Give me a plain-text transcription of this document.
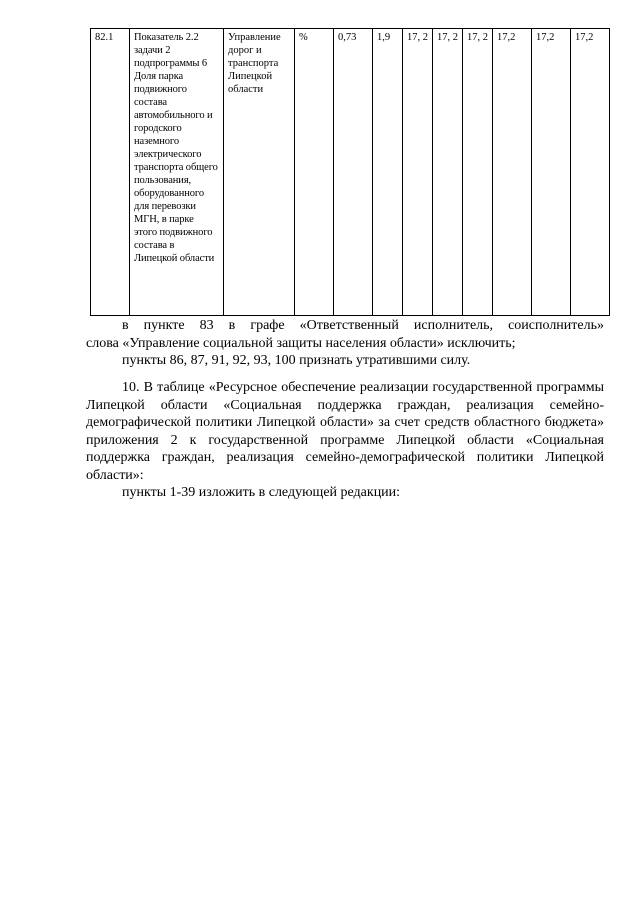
82.1	Показатель 2.2 задачи 2 подпрограммы 6 Доля парка подвижного состава автомобильного и городского наземного электрического транспорта общего пользования, оборудованного для перевозки МГН, в парке этого подвижного состава в Липецкой области	Управление дорог и транспорта Липецкой области	%	0,73	1,9	17, 2	17, 2	17, 2	17,2	17,2	17,2

в пункте 83 в графе «Ответственный исполнитель, соисполнитель»

слова «Управление социальной защиты населения области» исключить;

пункты 86, 87, 91, 92, 93, 100 признать утратившими силу.

10. В таблице «Ресурсное обеспечение реализации государственной программы Липецкой области «Социальная поддержка граждан, реализация семейно-демографической политики Липецкой области» за счет средств областного бюджета» приложения 2 к государственной программе Липецкой области «Социальная поддержка граждан, реализация семейно-демографической политики Липецкой области»:

пункты 1-39 изложить в следующей редакции:
